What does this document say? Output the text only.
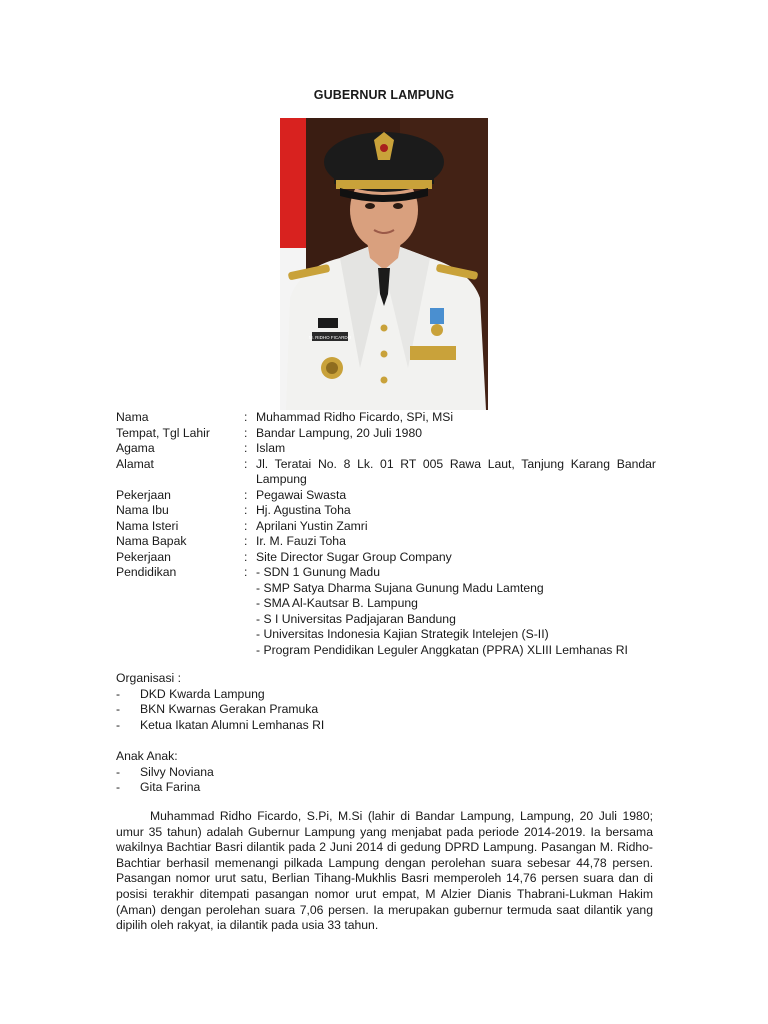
GUBERNUR LAMPUNG
M. RIDHO FICARDO
Nama	: Muhammad Ridho Ficardo, SPi, MSi
Tempat, Tgl Lahir	: Bandar Lampung, 20 Juli 1980
Agama	: Islam
Alamat	: Jl. Teratai No. 8 Lk. 01 RT 005 Rawa Laut, Tanjung Karang Bandar Lampung
Pekerjaan	: Pegawai Swasta
Nama Ibu	: Hj. Agustina Toha
Nama Isteri	: Aprilani Yustin Zamri
Nama Bapak	: Ir. M. Fauzi Toha
Pekerjaan	: Site Director Sugar Group Company
Pendidikan	: - SDN 1 Gunung Madu
- SMP Satya Dharma Sujana Gunung Madu Lamteng
- SMA Al-Kautsar B. Lampung
- S I Universitas Padjajaran Bandung
- Universitas Indonesia Kajian Strategik Intelejen (S-II)
- Program Pendidikan Leguler Anggkatan (PPRA) XLIII Lemhanas RI
Organisasi :
-	DKD Kwarda Lampung
-	BKN Kwarnas Gerakan Pramuka
-	Ketua Ikatan Alumni Lemhanas RI
Anak Anak:
-	Silvy Noviana
-	Gita Farina

Muhammad Ridho Ficardo, S.Pi, M.Si (lahir di Bandar Lampung, Lampung, 20 Juli 1980; umur 35 tahun) adalah Gubernur Lampung yang menjabat pada periode 2014-2019. Ia bersama wakilnya Bachtiar Basri dilantik pada 2 Juni 2014 di gedung DPRD Lampung. Pasangan M. Ridho-Bachtiar berhasil memenangi pilkada Lampung dengan perolehan suara sebesar 44,78 persen. Pasangan nomor urut satu, Berlian Tihang-Mukhlis Basri memperoleh 14,76 persen suara dan di posisi terakhir ditempati pasangan nomor urut empat, M Alzier Dianis Thabrani-Lukman Hakim (Aman) dengan perolehan suara 7,06 persen. Ia merupakan gubernur termuda saat dilantik yang dipilih oleh rakyat, ia dilantik pada usia 33 tahun.
